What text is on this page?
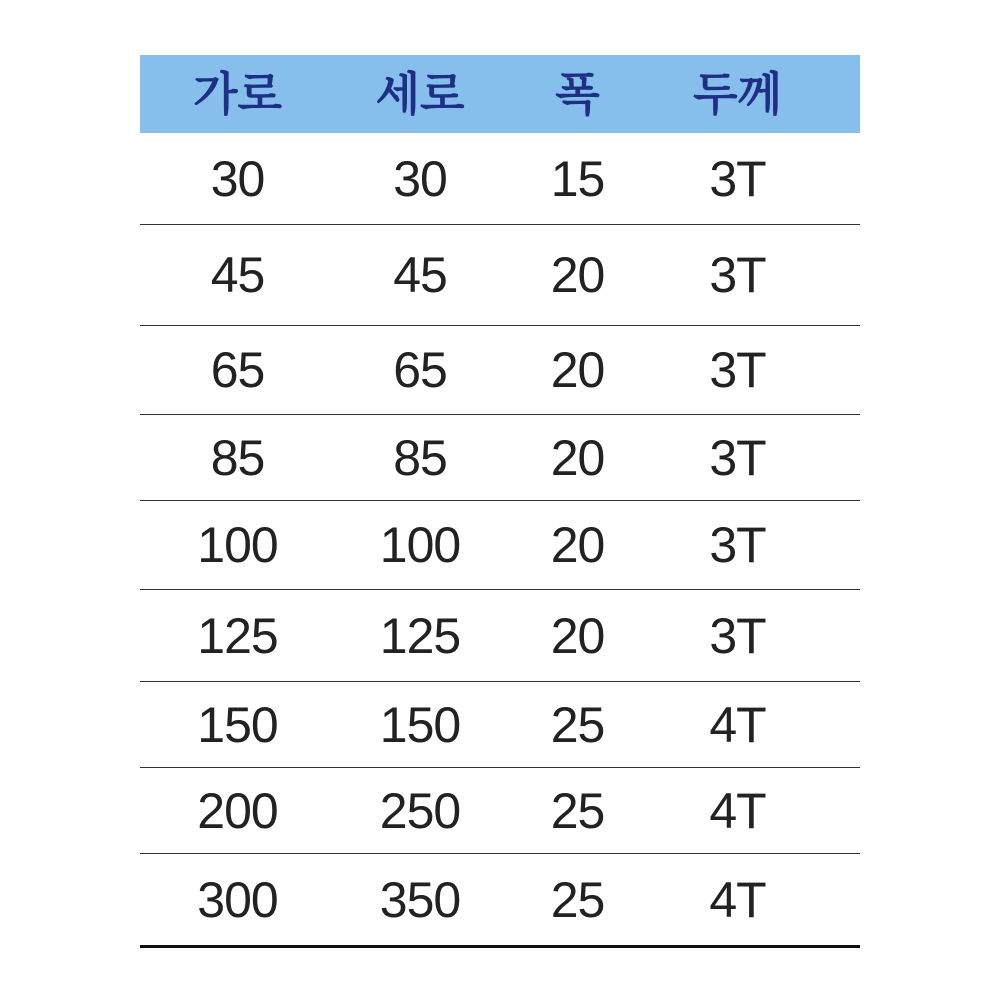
가로	세로	폭	두께
30	30	15	3T
45	45	20	3T
65	65	20	3T
85	85	20	3T
100	100	20	3T
125	125	20	3T
150	150	25	4T
200	250	25	4T
300	350	25	4T
